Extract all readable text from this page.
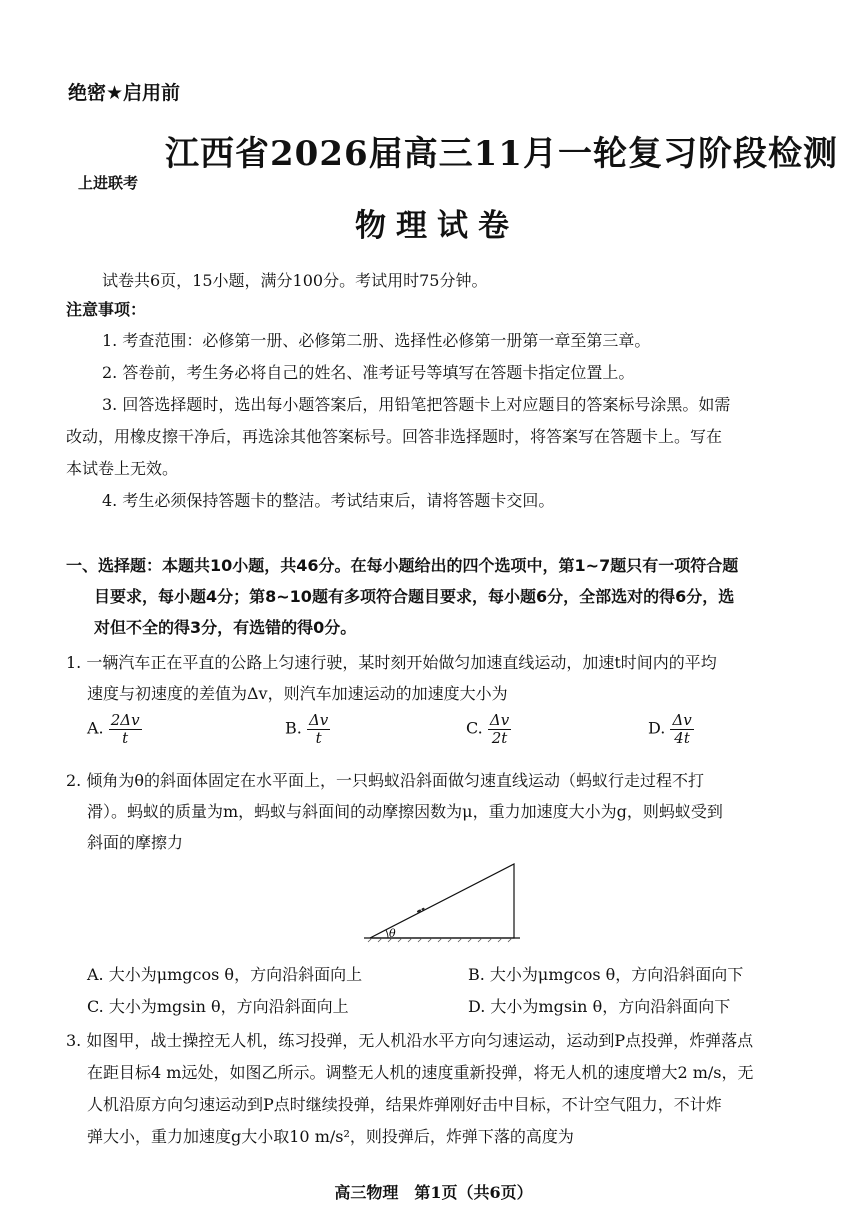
绝密★启用前
江西省2026届高三11月一轮复习阶段检测
上进联考
物理试卷
试卷共6页，15小题，满分100分。考试用时75分钟。
注意事项：
1. 考查范围：必修第一册、必修第二册、选择性必修第一册第一章至第三章。
2. 答卷前，考生务必将自己的姓名、准考证号等填写在答题卡指定位置上。
3. 回答选择题时，选出每小题答案后，用铅笔把答题卡上对应题目的答案标号涂黑。如需
改动，用橡皮擦干净后，再选涂其他答案标号。回答非选择题时，将答案写在答题卡上。写在
本试卷上无效。
4. 考生必须保持答题卡的整洁。考试结束后，请将答题卡交回。
一、选择题：本题共10小题，共46分。在每小题给出的四个选项中，第1~7题只有一项符合题
目要求，每小题4分；第8~10题有多项符合题目要求，每小题6分，全部选对的得6分，选
对但不全的得3分，有选错的得0分。
1. 一辆汽车正在平直的公路上匀速行驶，某时刻开始做匀加速直线运动，加速t时间内的平均
速度与初速度的差值为Δv，则汽车加速运动的加速度大小为
A. $\frac{2\Delta v}{t}$	B. $\frac{\Delta v}{t}$	C. $\frac{\Delta v}{2t}$	D. $\frac{\Delta v}{4t}$
2. 倾角为θ的斜面体固定在水平面上，一只蚂蚁沿斜面做匀速直线运动（蚂蚁行走过程不打
滑）。蚂蚁的质量为m，蚂蚁与斜面间的动摩擦因数为μ，重力加速度大小为g，则蚂蚁受到
斜面的摩擦力
θ
A. 大小为μmgcos θ，方向沿斜面向上	B. 大小为μmgcos θ，方向沿斜面向下
C. 大小为mgsin θ，方向沿斜面向上	D. 大小为mgsin θ，方向沿斜面向下
3. 如图甲，战士操控无人机，练习投弹，无人机沿水平方向匀速运动，运动到P点投弹，炸弹落点
在距目标4 m远处，如图乙所示。调整无人机的速度重新投弹，将无人机的速度增大2 m/s，无
人机沿原方向匀速运动到P点时继续投弹，结果炸弹刚好击中目标，不计空气阻力，不计炸
弹大小，重力加速度g大小取10 m/s²，则投弹后，炸弹下落的高度为
高三物理　第1页（共6页）
